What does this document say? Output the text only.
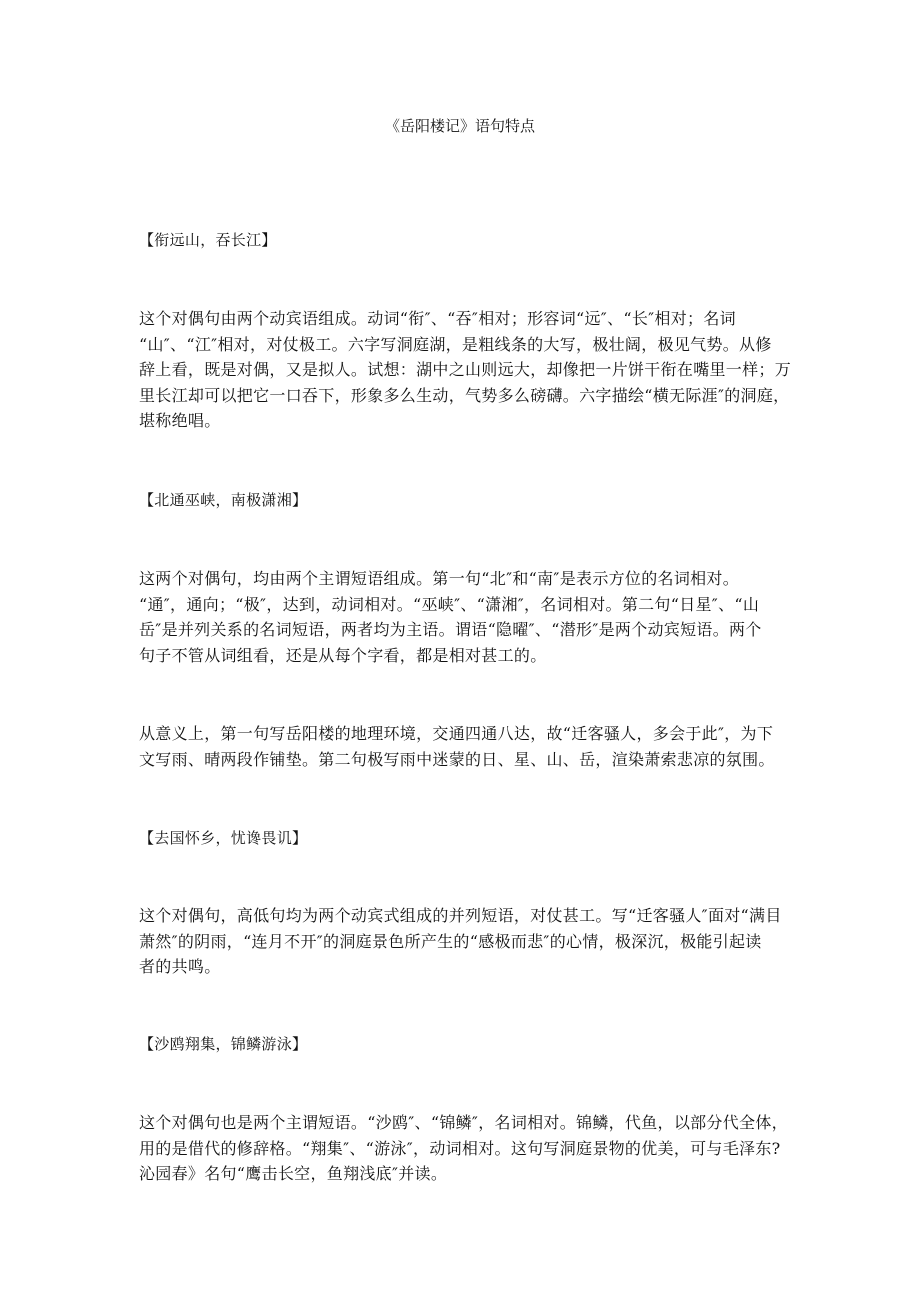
《岳阳楼记》语句特点
【衔远山，吞长江】
这个对偶句由两个动宾语组成。动词“衔″、“吞″相对；形容词“远″、“长″相对；名词
“山″、“江″相对，对仗极工。六字写洞庭湖，是粗线条的大写，极壮阔，极见气势。从修
辞上看，既是对偶，又是拟人。试想：湖中之山则远大，却像把一片饼干衔在嘴里一样；万
里长江却可以把它一口吞下，形象多么生动，气势多么磅礴。六字描绘“横无际涯″的洞庭，
堪称绝唱。
【北通巫峡，南极潇湘】
这两个对偶句，均由两个主谓短语组成。第一句“北″和“南″是表示方位的名词相对。
“通″，通向；“极″，达到，动词相对。“巫峡″、“潇湘″，名词相对。第二句“日星″、“山
岳″是并列关系的名词短语，两者均为主语。谓语“隐曜″、“潜形″是两个动宾短语。两个
句子不管从词组看，还是从每个字看，都是相对甚工的。
从意义上，第一句写岳阳楼的地理环境，交通四通八达，故“迁客骚人，多会于此″，为下
文写雨、晴两段作铺垫。第二句极写雨中迷蒙的日、星、山、岳，渲染萧索悲凉的氛围。
【去国怀乡，忧谗畏讥】
这个对偶句，高低句均为两个动宾式组成的并列短语，对仗甚工。写“迁客骚人″面对“满目
萧然″的阴雨，“连月不开″的洞庭景色所产生的“感极而悲″的心情，极深沉，极能引起读
者的共鸣。
【沙鸥翔集，锦鳞游泳】
这个对偶句也是两个主谓短语。“沙鸥″、“锦鳞″，名词相对。锦鳞，代鱼，以部分代全体，
用的是借代的修辞格。“翔集″、“游泳″，动词相对。这句写洞庭景物的优美，可与毛泽东?
沁园春》名句“鹰击长空，鱼翔浅底″并读。
